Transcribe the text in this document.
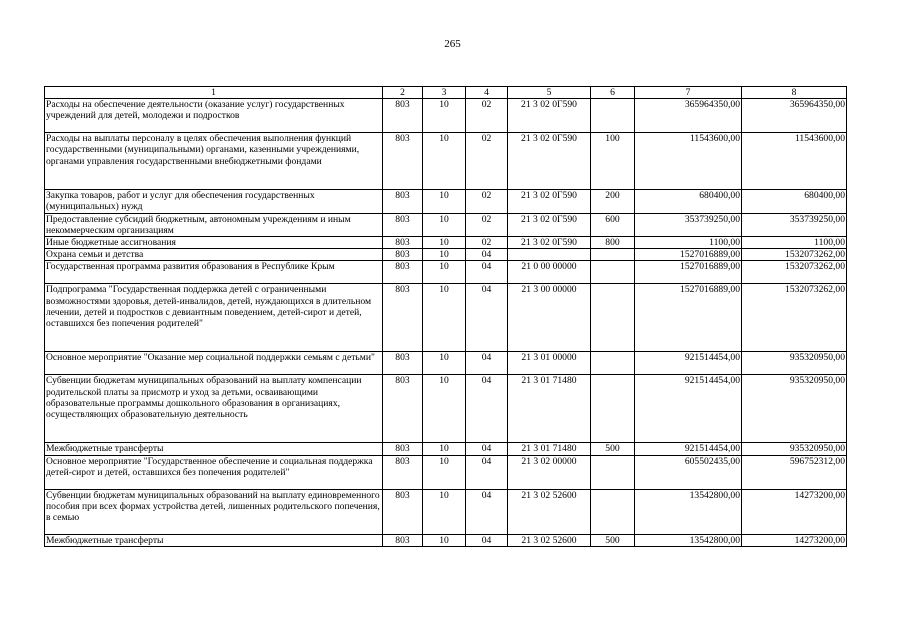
265
1	2	3	4	5	6	7	8
Расходы на обеспечение деятельности (оказание услуг) государственных учреждений для детей, молодежи и подростков	803	10	02	21 3 02 0Г590		365964350,00	365964350,00
Расходы на выплаты персоналу в целях обеспечения выполнения функций государственными (муниципальными) органами, казенными учреждениями, органами управления государственными внебюджетными фондами	803	10	02	21 3 02 0Г590	100	11543600,00	11543600,00
Закупка товаров, работ и услуг для обеспечения государственных (муниципальных) нужд	803	10	02	21 3 02 0Г590	200	680400,00	680400,00
Предоставление субсидий бюджетным, автономным учреждениям и иным некоммерческим организациям	803	10	02	21 3 02 0Г590	600	353739250,00	353739250,00
Иные бюджетные ассигнования	803	10	02	21 3 02 0Г590	800	1100,00	1100,00
Охрана семьи и детства	803	10	04			1527016889,00	1532073262,00
Государственная программа развития образования в Республике Крым	803	10	04	21 0 00 00000		1527016889,00	1532073262,00
Подпрограмма "Государственная поддержка детей с ограниченными возможностями здоровья, детей-инвалидов, детей, нуждающихся в длительном лечении, детей и подростков с девиантным поведением, детей-сирот и детей, оставшихся без попечения родителей"	803	10	04	21 3 00 00000		1527016889,00	1532073262,00
Основное мероприятие "Оказание мер социальной поддержки семьям с детьми"	803	10	04	21 3 01 00000		921514454,00	935320950,00
Субвенции бюджетам муниципальных образований на выплату компенсации родительской платы за присмотр и уход за детьми, осваивающими образовательные программы дошкольного образования в организациях, осуществляющих образовательную деятельность	803	10	04	21 3 01 71480		921514454,00	935320950,00
Межбюджетные трансферты	803	10	04	21 3 01 71480	500	921514454,00	935320950,00
Основное мероприятие "Государственное обеспечение и социальная поддержка детей-сирот и детей, оставшихся без попечения родителей"	803	10	04	21 3 02 00000		605502435,00	596752312,00
Субвенции бюджетам муниципальных образований на выплату единовременного пособия при всех формах устройства детей, лишенных родительского попечения, в семью	803	10	04	21 3 02 52600		13542800,00	14273200,00
Межбюджетные трансферты	803	10	04	21 3 02 52600	500	13542800,00	14273200,00
